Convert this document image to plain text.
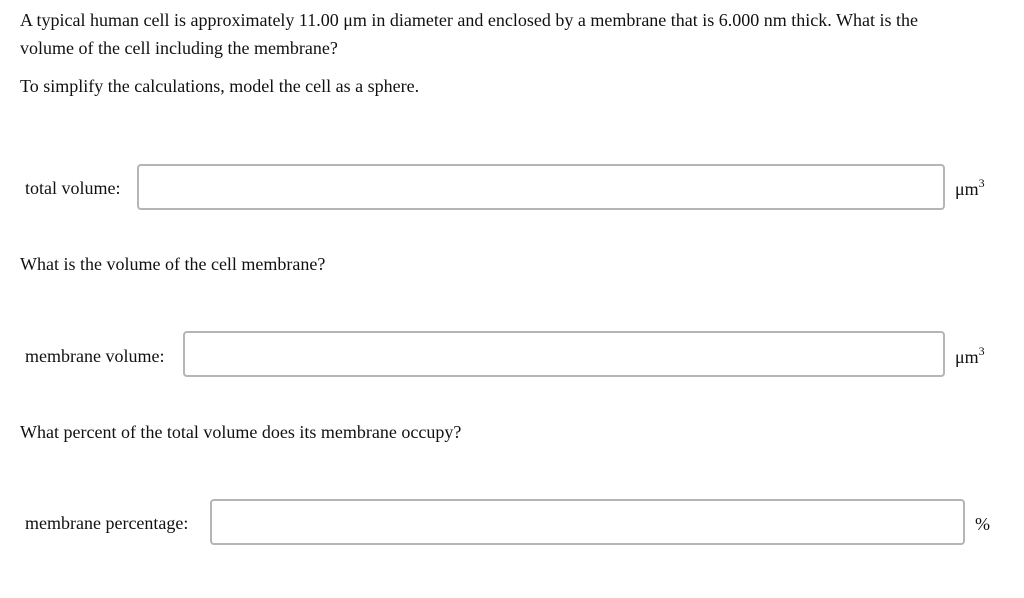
A typical human cell is approximately 11.00 μm in diameter and enclosed by a membrane that is 6.000 nm thick. What is the
volume of the cell including the membrane?
To simplify the calculations, model the cell as a sphere.
total volume:	$\mu m^3$
What is the volume of the cell membrane?
membrane volume:	$\mu m^3$
What percent of the total volume does its membrane occupy?
membrane percentage:	%
